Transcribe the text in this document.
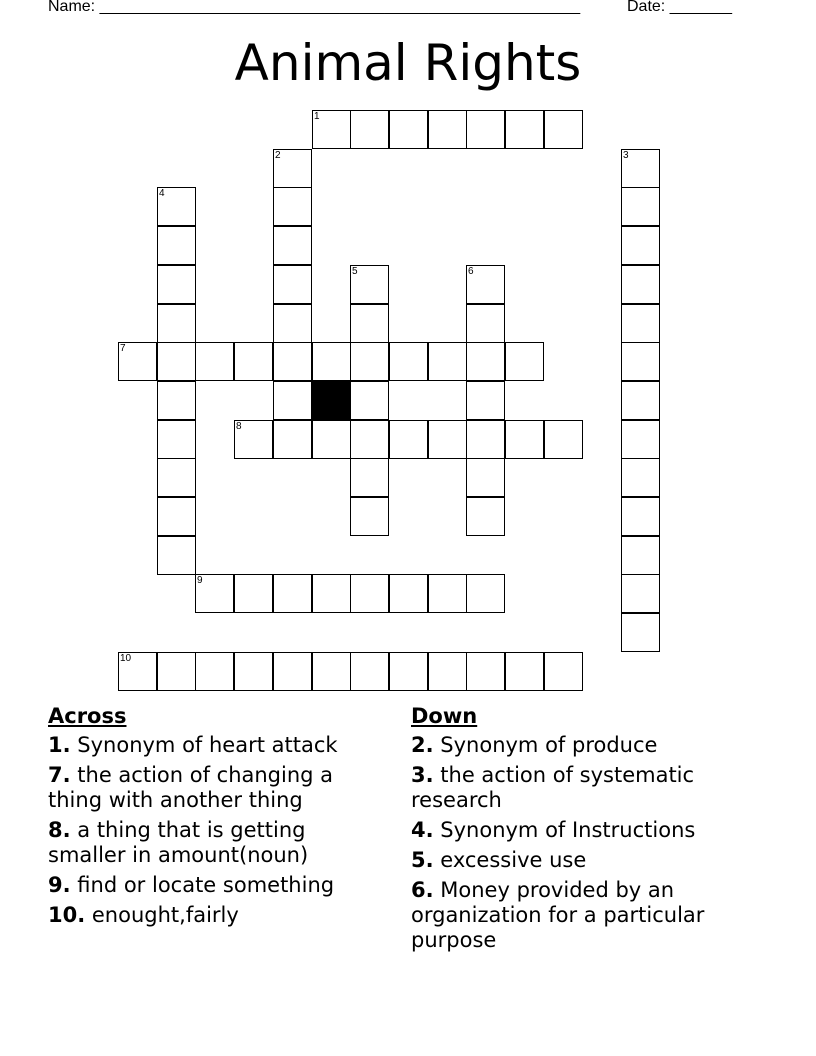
Name: ______________________________________________________	Date: _______
Animal Rights
1
7
8
9
10
2	3
4
5	6
Across
1. Synonym of heart attack
7. the action of changing a thing with another thing
8. a thing that is getting smaller in amount(noun)
9. find or locate something
10. enought,fairly
Down
2. Synonym of produce
3. the action of systematic research
4. Synonym of Instructions
5. excessive use
6. Money provided by an organization for a particular purpose
